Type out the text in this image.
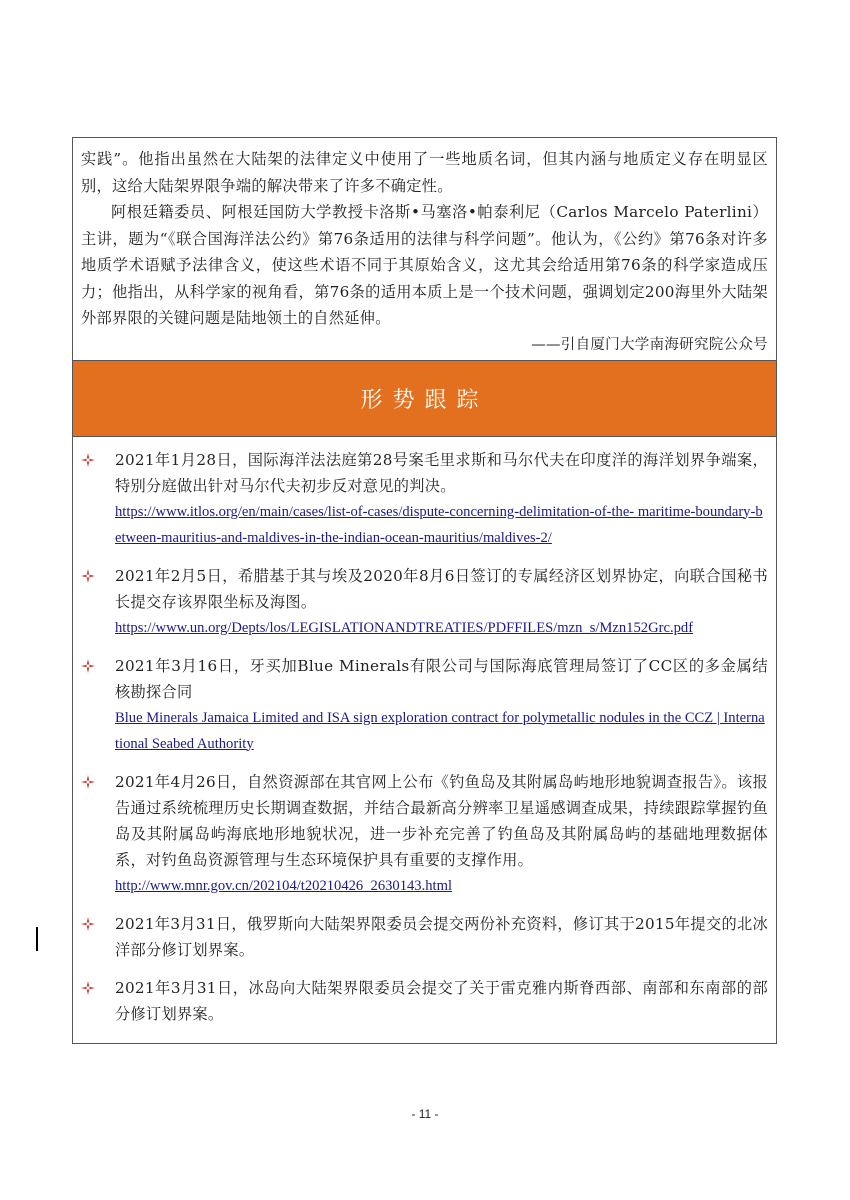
实践”。他指出虽然在大陆架的法律定义中使用了一些地质名词，但其内涵与地质定义存在明显区别，这给大陆架界限争端的解决带来了许多不确定性。

阿根廷籍委员、阿根廷国防大学教授卡洛斯•马塞洛•帕泰利尼（Carlos Marcelo Paterlini）主讲，题为“《联合国海洋法公约》第76条适用的法律与科学问题”。他认为，《公约》第76条对许多地质学术语赋予法律含义，使这些术语不同于其原始含义，这尤其会给适用第76条的科学家造成压力；他指出，从科学家的视角看，第76条的适用本质上是一个技术问题，强调划定200海里外大陆架外部界限的关键问题是陆地领土的自然延伸。

——引自厦门大学南海研究院公众号

形势跟踪

2021年1月28日，国际海洋法法庭第28号案毛里求斯和马尔代夫在印度洋的海洋划界争端案，特别分庭做出针对马尔代夫初步反对意见的判决。

https://www.itlos.org/en/main/cases/list-of-cases/dispute-concerning-delimitation-of-the- maritime-boundary-between-mauritius-and-maldives-in-the-indian-ocean-mauritius/maldives-2/

2021年2月5日，希腊基于其与埃及2020年8月6日签订的专属经济区划界协定，向联合国秘书长提交存该界限坐标及海图。

https://www.un.org/Depts/los/LEGISLATIONANDTREATIES/PDFFILES/mzn_s/Mzn152Grc.pdf

2021年3月16日，牙买加Blue Minerals有限公司与国际海底管理局签订了CC区的多金属结核勘探合同

Blue Minerals Jamaica Limited and ISA sign exploration contract for polymetallic nodules in the CCZ | International Seabed Authority

2021年4月26日，自然资源部在其官网上公布《钓鱼岛及其附属岛屿地形地貌调查报告》。该报告通过系统梳理历史长期调查数据，并结合最新高分辨率卫星遥感调查成果，持续跟踪掌握钓鱼岛及其附属岛屿海底地形地貌状况，进一步补充完善了钓鱼岛及其附属岛屿的基础地理数据体系，对钓鱼岛资源管理与生态环境保护具有重要的支撑作用。

http://www.mnr.gov.cn/202104/t20210426_2630143.html

2021年3月31日，俄罗斯向大陆架界限委员会提交两份补充资料，修订其于2015年提交的北冰洋部分修订划界案。

2021年3月31日，冰岛向大陆架界限委员会提交了关于雷克雅内斯脊西部、南部和东南部的部分修订划界案。

- 11 -
